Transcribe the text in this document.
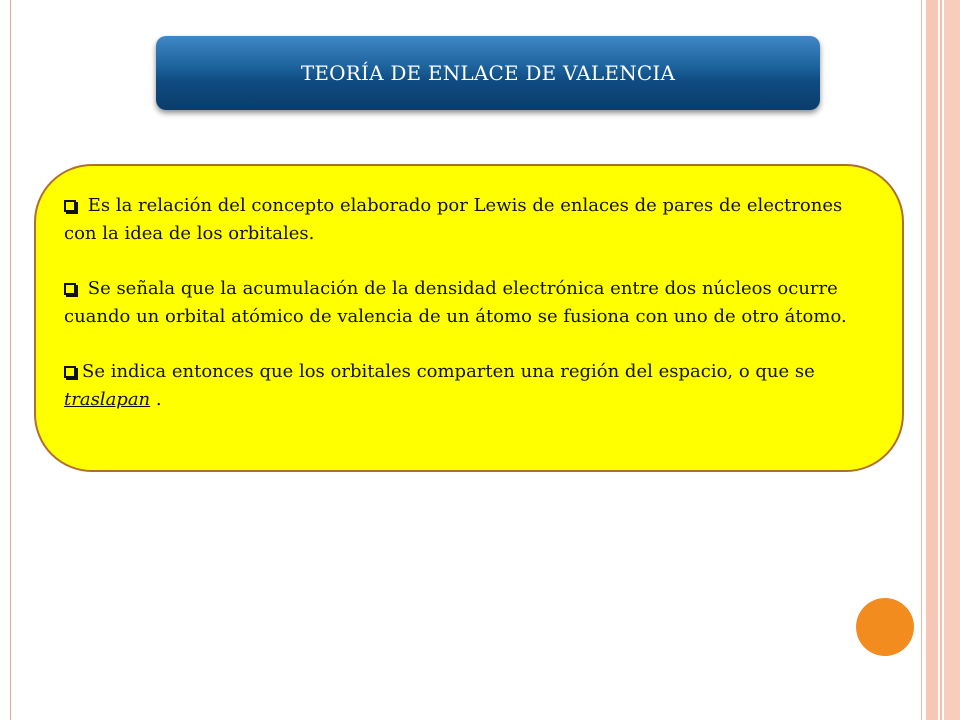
TEORÍA DE ENLACE DE VALENCIA

Es la relación del concepto elaborado por Lewis de enlaces de pares de electrones con la idea de los orbitales.

Se señala que la acumulación de la densidad electrónica entre dos núcleos ocurre cuando un orbital atómico de valencia de un átomo se fusiona con uno de otro átomo.

Se indica entonces que los orbitales comparten una región del espacio, o que se traslapan .
